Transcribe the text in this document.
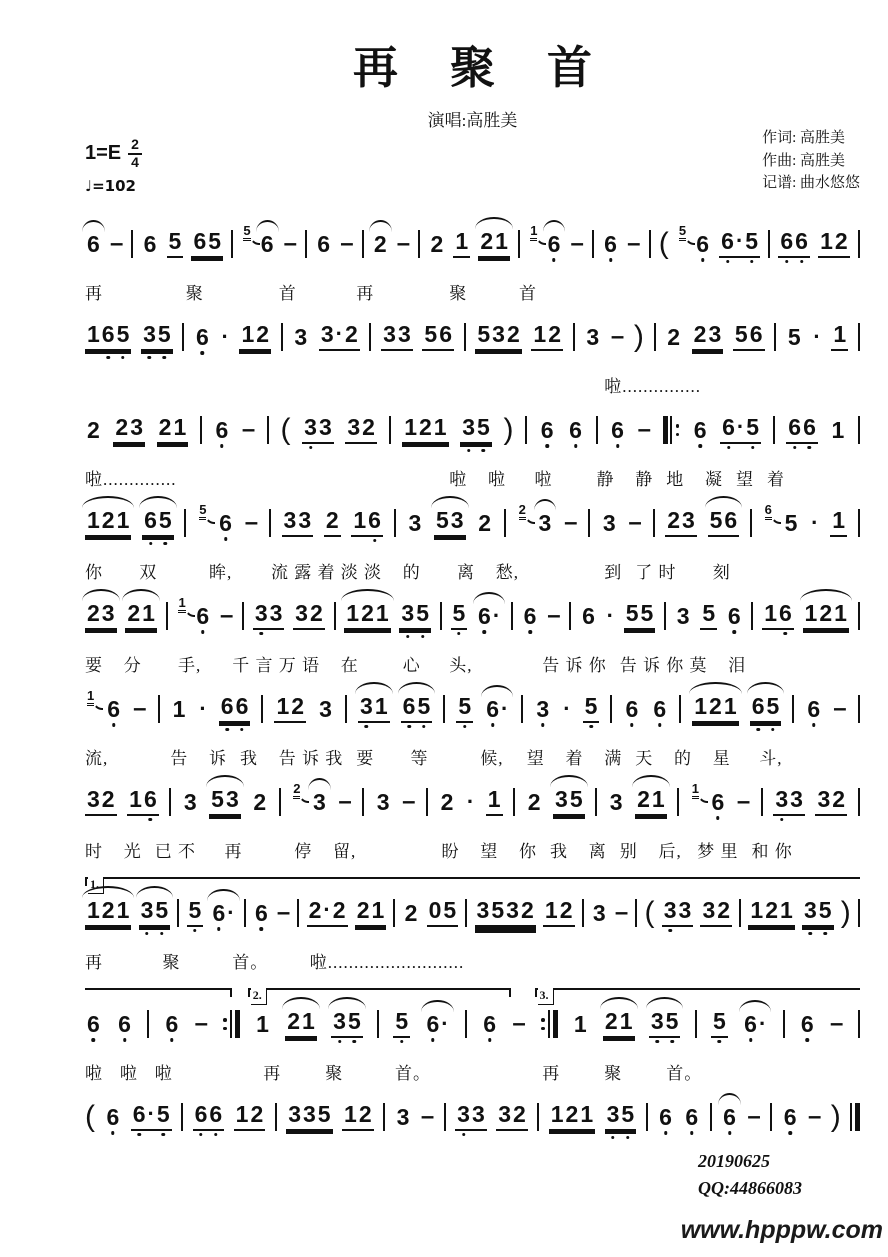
再聚首
演唱:高胜美
$1=E \frac{2}{4}$
♩=102
作词: 高胜美
作曲: 高胜美
记谱: 曲水悠悠
6 – 6 5 6 5 5 6 – 6 – 2 – 2 1 2 1 1 6 – 6 – ( 5 6 6 · 5 6 6 1 2
再	聚	首	再	聚	首
1 6 5 3 5 6 · 1 2 3 3 · 2 3 3 5 6 5 3 2 1 2 3 – ) 2 2 3 5 6 5 · 1
啦...............
2 2 3 2 1 6 – ( 3 3 3 2 1 2 1 3 5 ) 6 6 6 – 6 6 · 5 6 6 1
啦..............	啦 啦 啦	静 静 地 凝 望 着
1 2 1 6 5 5 6 – 3 3 2 1 6 3 5 3 2 2 3 – 3 – 2 3 5 6 6 5 · 1
你 双	眸, 流 露 着 淡 淡 的 离 愁,	到 了 时 刻
2 3 2 1 1 6 – 3 3 3 2 1 2 1 3 5 5 6 · 6 – 6 · 5 5 3 5 6 1 6 1 2 1
要 分 手, 千 言 万 语 在	心 头,	告 诉 你 告 诉 你 莫 泪
1 6 – 1 · 6 6 1 2 3 3 1 6 5 5 6 · 3 · 5 6 6 1 2 1 6 5 6 –
流,	告 诉 我 告 诉 我 要 等	候, 望 着 满 天 的 星 斗,
3 2 1 6 3 5 3 2 2 3 – 3 – 2 · 1 2 3 5 3 2 1 1 6 – 3 3 3 2
时 光 已 不 再	停 留,	盼 望 你 我 离 别 后, 梦 里 和 你
1.
1 2 1 3 5 5 6 · 6 – 2 · 2 2 1 2 0 5 3 5 3 2 1 2 3 – ( 3 3 3 2 1 2 1 3 5 )
再	聚	首。 啦..........................
2.	3.
6 6 6 – 1 2 1 3 5 5 6 · 6 – 1 2 1 3 5 5 6 · 6 –
啦 啦 啦	再	聚	首。	再	聚	首。
( 6 6 · 5 6 6 1 2 3 3 5 1 2 3 – 3 3 3 2 1 2 1 3 5 6 6 6 – 6 – )
20190625
QQ:44866083
www.hpppw.com
